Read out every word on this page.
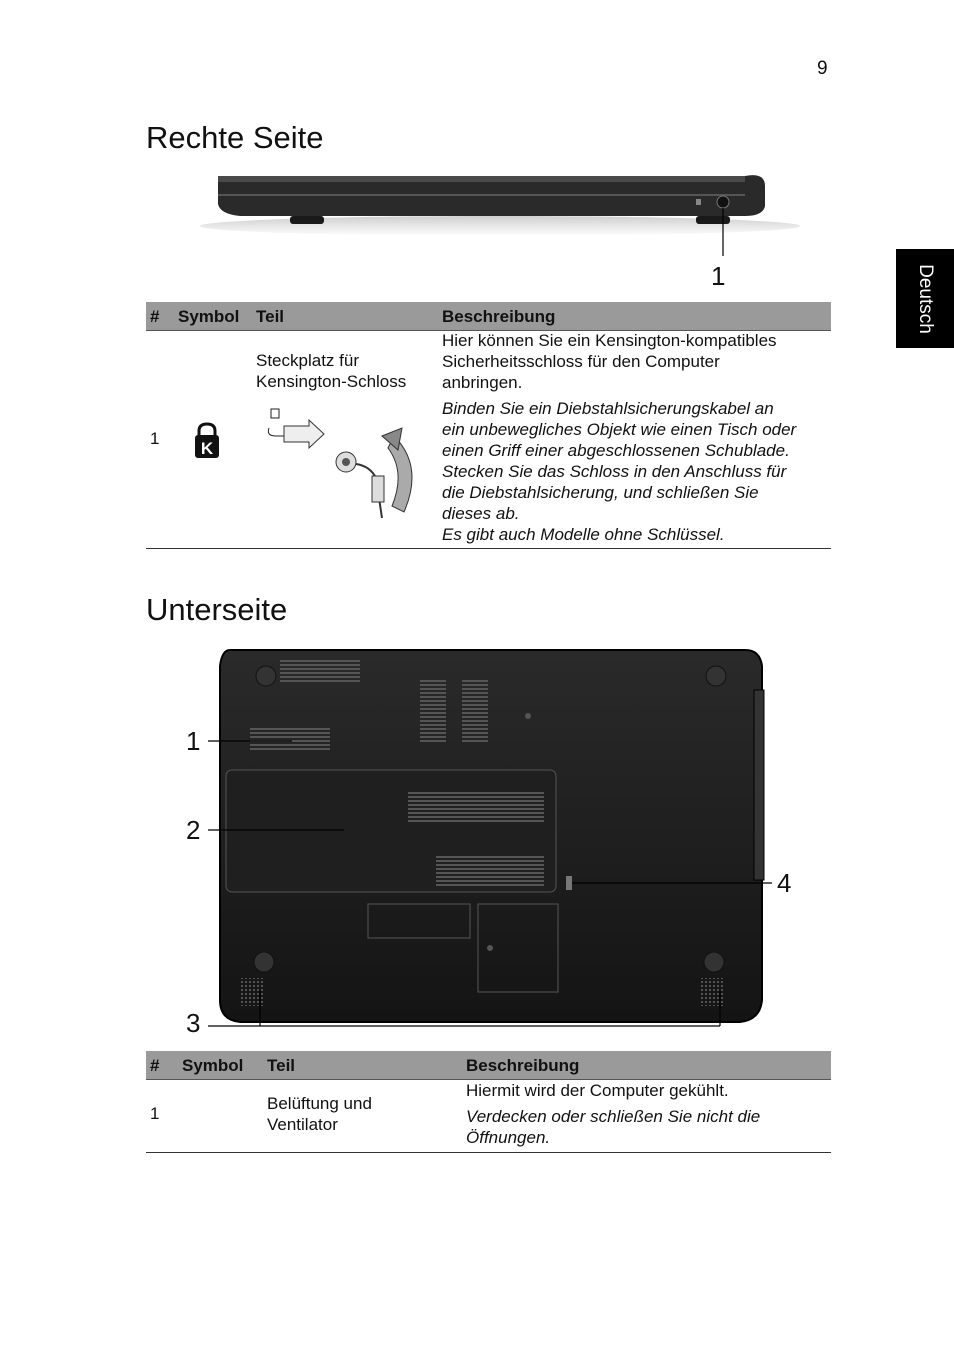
9
Deutsch
Rechte Seite
1
# Symbol Teil	Beschreibung
1
K
Steckplatz für Kensington-Schloss
Hier können Sie ein Kensington-kompatibles
Sicherheitsschloss für den Computer
anbringen.
Binden Sie ein Diebstahlsicherungskabel an
ein unbewegliches Objekt wie einen Tisch oder
einen Griff einer abgeschlossenen Schublade.
Stecken Sie das Schloss in den Anschluss für
die Diebstahlsicherung, und schließen Sie
dieses ab.
Es gibt auch Modelle ohne Schlüssel.
Unterseite
1
2
3
4
# Symbol Teil	Beschreibung
1
Belüftung und
Ventilator
Hiermit wird der Computer gekühlt.
Verdecken oder schließen Sie nicht die
Öffnungen.
